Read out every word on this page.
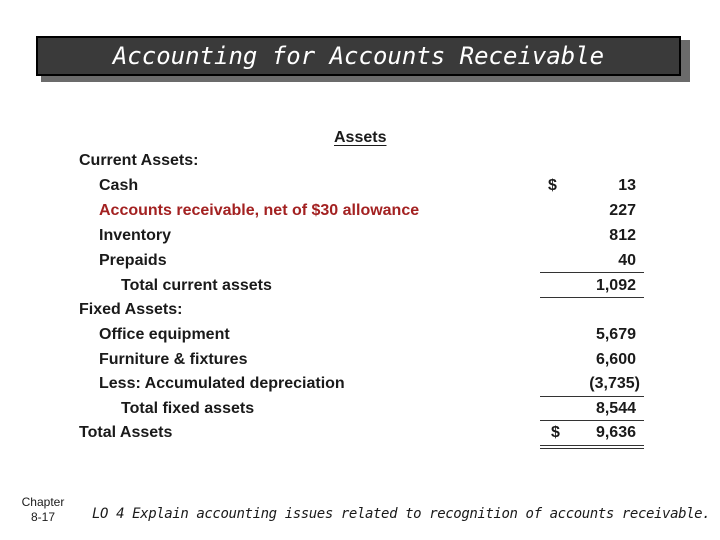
Accounting for Accounts Receivable
Assets
Current Assets:
Cash	$	13
Accounts receivable, net of $30 allowance	227
Inventory	812
Prepaids	40
Total current assets	1,092
Fixed Assets:
Office equipment	5,679
Furniture & fixtures	6,600
Less: Accumulated depreciation	(3,735)
Total fixed assets	8,544
Total Assets	$ 9,636
Chapter
8-17	LO 4 Explain accounting issues related to recognition of accounts receivable.
